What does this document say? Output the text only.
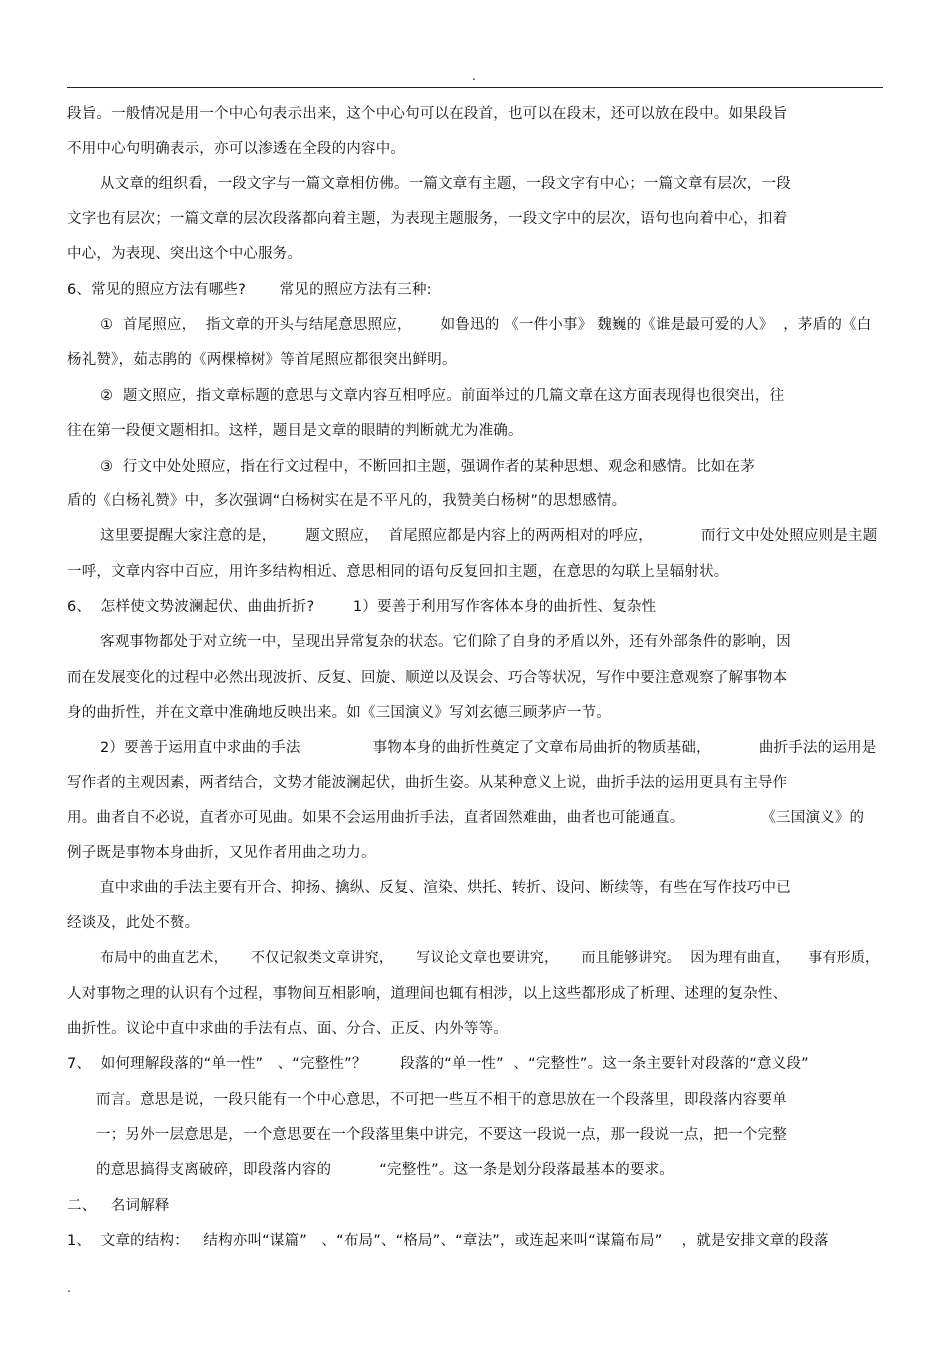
.
段旨。一般情况是用一个中心句表示出来，这个中心句可以在段首，也可以在段末，还可以放在段中。如果段旨
不用中心句明确表示，亦可以渗透在全段的内容中。
从文章的组织看，一段文字与一篇文章相仿佛。一篇文章有主题，一段文字有中心；一篇文章有层次，一段
文字也有层次；一篇文章的层次段落都向着主题，为表现主题服务，一段文字中的层次，语句也向着中心，扣着
中心，为表现、突出这个中心服务。
6、常见的照应方法有哪些?       常见的照应方法有三种:
①  首尾照应，  指文章的开头与结尾意思照应，      如鲁迅的 《一件小事》 魏巍的《谁是最可爱的人》  ，茅盾的《白
杨礼赞》，茹志鹃的《两棵樟树》等首尾照应都很突出鲜明。
②  题文照应，指文章标题的意思与文章内容互相呼应。前面举过的几篇文章在这方面表现得也很突出，往
往在第一段便文题相扣。这样，题目是文章的眼睛的判断就尤为准确。
③  行文中处处照应，指在行文过程中，不断回扣主题，强调作者的某种思想、观念和感情。比如在茅
盾的《白杨礼赞》中，多次强调“白杨树实在是不平凡的，我赞美白杨树”的思想感情。
这里要提醒大家注意的是，      题文照应，  首尾照应都是内容上的两两相对的呼应，          而行文中处处照应则是主题
一呼，文章内容中百应，用许多结构相近、意思相同的语句反复回扣主题，在意思的勾联上呈辐射状。
6、  怎样使文势波澜起伏、曲曲折折?        1）要善于利用写作客体本身的曲折性、复杂性
客观事物都处于对立统一中，呈现出异常复杂的状态。它们除了自身的矛盾以外，还有外部条件的影响，因
而在发展变化的过程中必然出现波折、反复、回旋、顺逆以及误会、巧合等状况，写作中要注意观察了解事物本
身的曲折性，并在文章中准确地反映出来。如《三国演义》写刘玄德三顾茅庐一节。
2）要善于运用直中求曲的手法               事物本身的曲折性奠定了文章布局曲折的物质基础，          曲折手法的运用是
写作者的主观因素，两者结合，文势才能波澜起伏，曲折生姿。从某种意义上说，曲折手法的运用更具有主导作
用。曲者自不必说，直者亦可见曲。如果不会运用曲折手法，直者固然难曲，曲者也可能通直。                《三国演义》的
例子既是事物本身曲折，又见作者用曲之功力。
直中求曲的手法主要有开合、抑扬、擒纵、反复、渲染、烘托、转折、设问、断续等，有些在写作技巧中已
经谈及，此处不赘。
布局中的曲直艺术，     不仅记叙类文章讲究，     写议论文章也要讲究，     而且能够讲究。  因为理有曲直，    事有形质，
人对事物之理的认识有个过程，事物间互相影响，道理间也辄有相涉，以上这些都形成了析理、述理的复杂性、
曲折性。议论中直中求曲的手法有点、面、分合、正反、内外等等。
7、  如何理解段落的“单一性”   、“完整性”？       段落的“单一性”  、“完整性”。这一条主要针对段落的“意义段”
而言。意思是说，一段只能有一个中心意思，不可把一些互不相干的意思放在一个段落里，即段落内容要单
一；另外一层意思是，一个意思要在一个段落里集中讲完，不要这一段说一点，那一段说一点，把一个完整
的意思搞得支离破碎，即段落内容的          “完整性”。这一条是划分段落最基本的要求。
二、   名词解释
1、  文章的结构：   结构亦叫“谋篇”   、“布局”、“格局”、“章法”，或连起来叫“谋篇布局”    ，就是安排文章的段落
.
